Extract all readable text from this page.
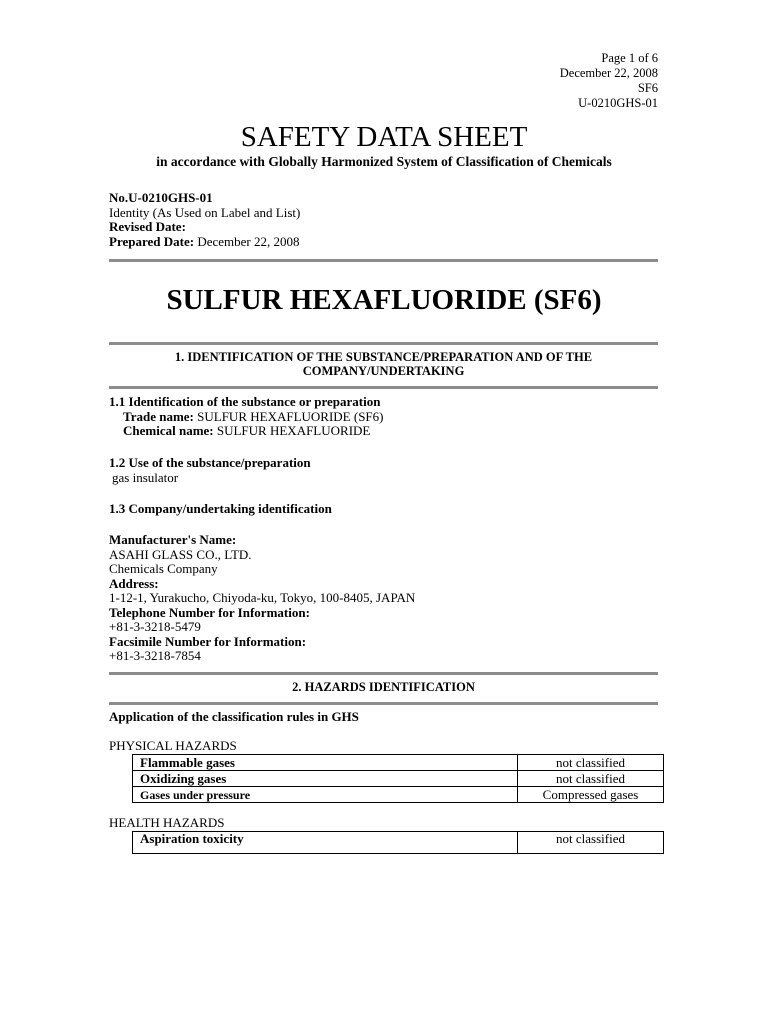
Page 1 of 6
December 22, 2008
SF6
U-0210GHS-01
SAFETY DATA SHEET
in accordance with Globally Harmonized System of Classification of Chemicals
No.U-0210GHS-01
Identity (As Used on Label and List)
Revised Date:
Prepared Date: December 22, 2008
SULFUR HEXAFLUORIDE (SF6)
1. IDENTIFICATION OF THE SUBSTANCE/PREPARATION AND OF THE
COMPANY/UNDERTAKING
1.1 Identification of the substance or preparation
Trade name: SULFUR HEXAFLUORIDE (SF6)
Chemical name: SULFUR HEXAFLUORIDE
1.2 Use of the substance/preparation
gas insulator
1.3 Company/undertaking identification
Manufacturer's Name:
ASAHI GLASS CO., LTD.
Chemicals Company
Address:
1-12-1, Yurakucho, Chiyoda-ku, Tokyo, 100-8405, JAPAN
Telephone Number for Information:
+81-3-3218-5479
Facsimile Number for Information:
+81-3-3218-7854
2. HAZARDS IDENTIFICATION
Application of the classification rules in GHS
PHYSICAL HAZARDS
Flammable gases	not classified
Oxidizing gases	not classified
Gases under pressure	Compressed gases
HEALTH HAZARDS
Aspiration toxicity	not classified
